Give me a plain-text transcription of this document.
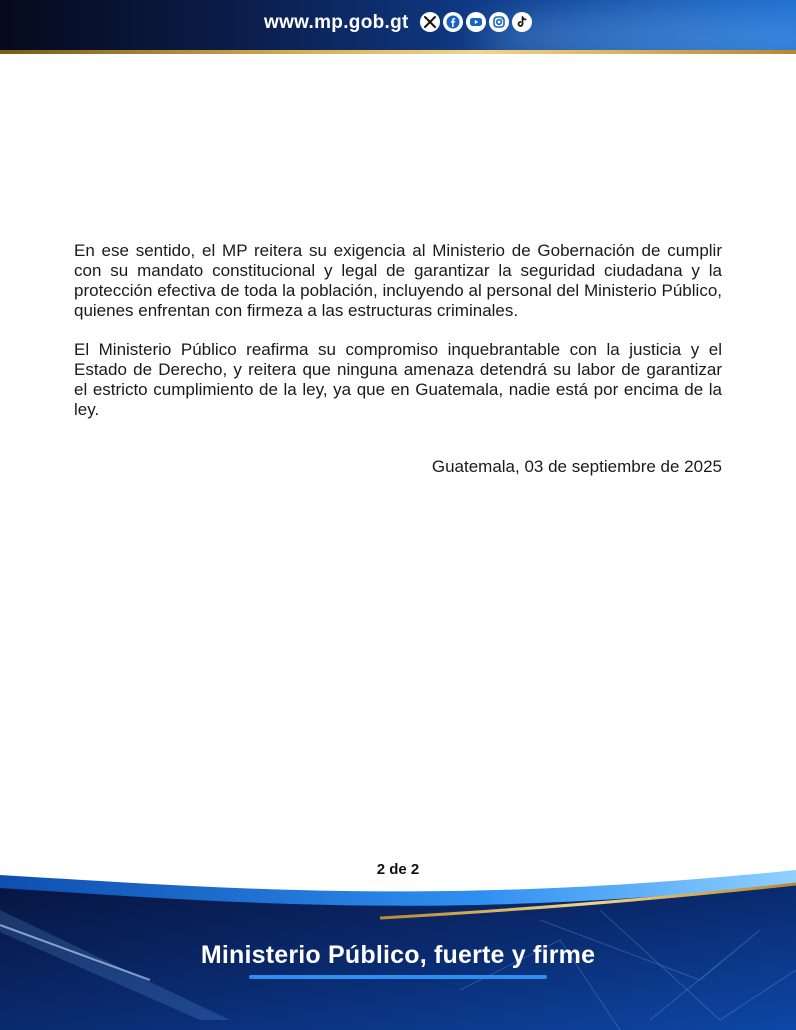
www.mp.gob.gt

En ese sentido, el MP reitera su exigencia al Ministerio de Gobernación de cumplir con su mandato constitucional y legal de garantizar la seguridad ciudadana y la protección efectiva de toda la población, incluyendo al personal del Ministerio Público, quienes enfrentan con firmeza a las estructuras criminales.

El Ministerio Público reafirma su compromiso inquebrantable con la justicia y el Estado de Derecho, y reitera que ninguna amenaza detendrá su labor de garantizar el estricto cumplimiento de la ley, ya que en Guatemala, nadie está por encima de la ley.

Guatemala, 03 de septiembre de 2025
2 de 2
Ministerio Público, fuerte y firme
